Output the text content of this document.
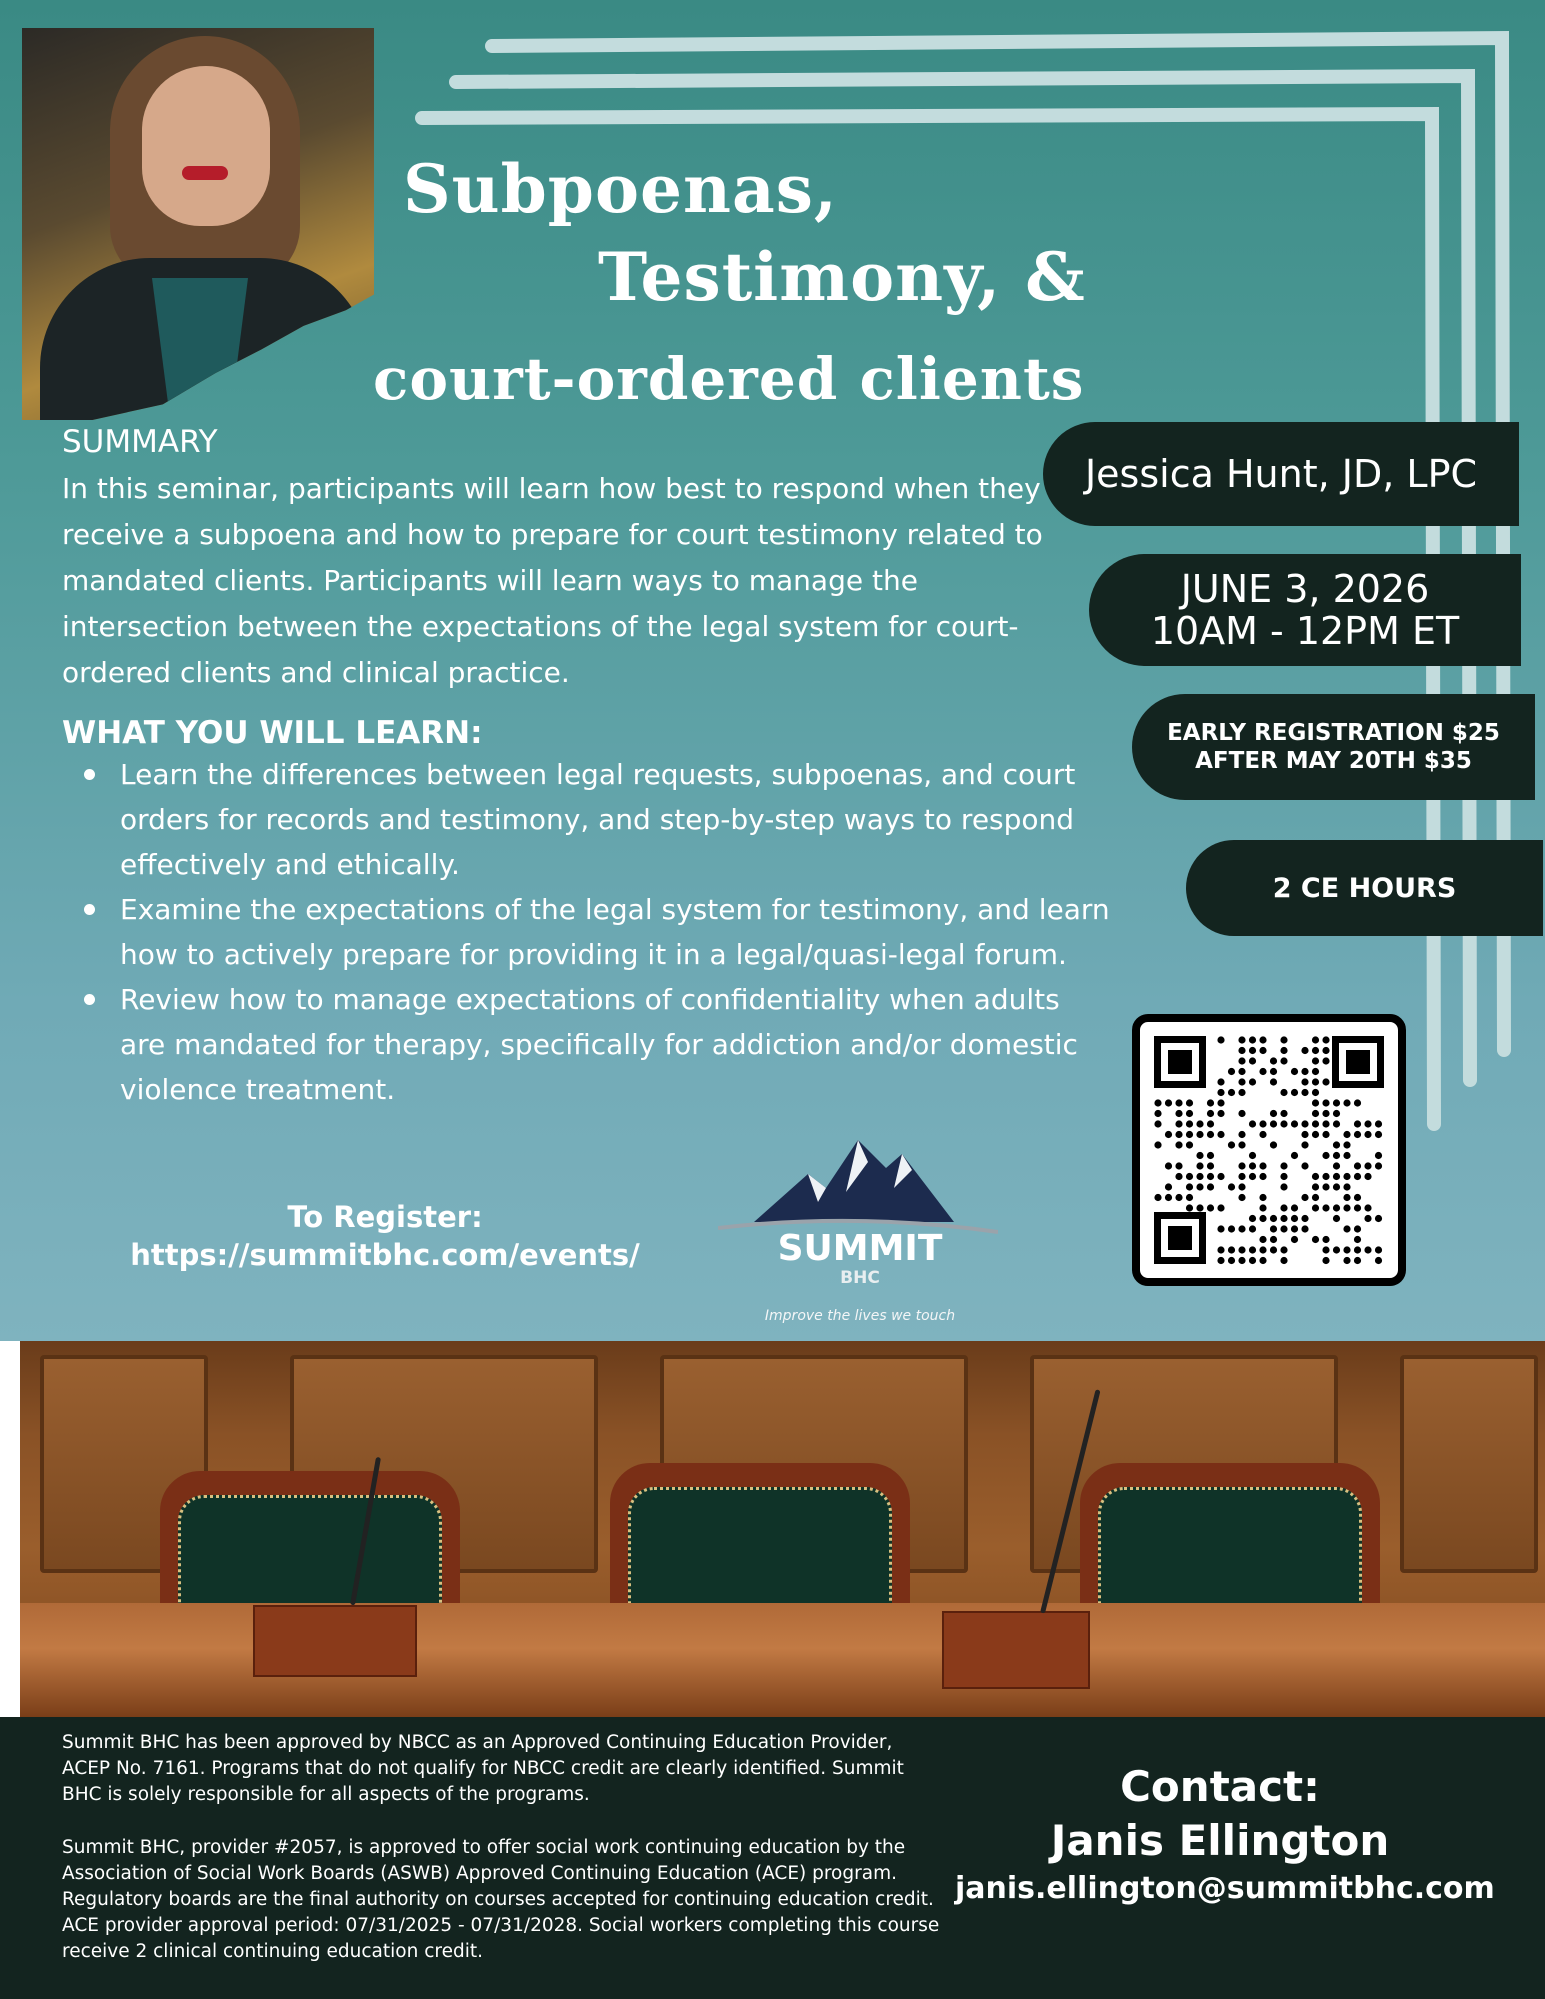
Subpoenas,
Testimony, &
court-ordered clients
SUMMARY

In this seminar, participants will learn how best to respond when they receive a subpoena and how to prepare for court testimony related to mandated clients. Participants will learn ways to manage the intersection between the expectations of the legal system for court-ordered clients and clinical practice.

WHAT YOU WILL LEARN:
Learn the differences between legal requests, subpoenas, and court orders for records and testimony, and step-by-step ways to respond effectively and ethically.
Examine the expectations of the legal system for testimony, and learn how to actively prepare for providing it in a legal/quasi-legal forum.
Review how to manage expectations of confidentiality when adults are mandated for therapy, specifically for addiction and/or domestic violence treatment.
To Register:
https://summitbhc.com/events/	SUMMIT
BHC
Improve the lives we touch
Jessica Hunt, JD, LPC
JUNE 3, 2026
10AM - 12PM ET
EARLY REGISTRATION $25
AFTER MAY 20TH $35
2 CE HOURS

Summit BHC has been approved by NBCC as an Approved Continuing Education Provider, ACEP No. 7161. Programs that do not qualify for NBCC credit are clearly identified. Summit BHC is solely responsible for all aspects of the programs.

Summit BHC, provider #2057, is approved to offer social work continuing education by the Association of Social Work Boards (ASWB) Approved Continuing Education (ACE) program. Regulatory boards are the final authority on courses accepted for continuing education credit. ACE provider approval period: 07/31/2025 - 07/31/2028. Social workers completing this course receive 2 clinical continuing education credit.

Contact:
Janis Ellington
janis.ellington@summitbhc.com
